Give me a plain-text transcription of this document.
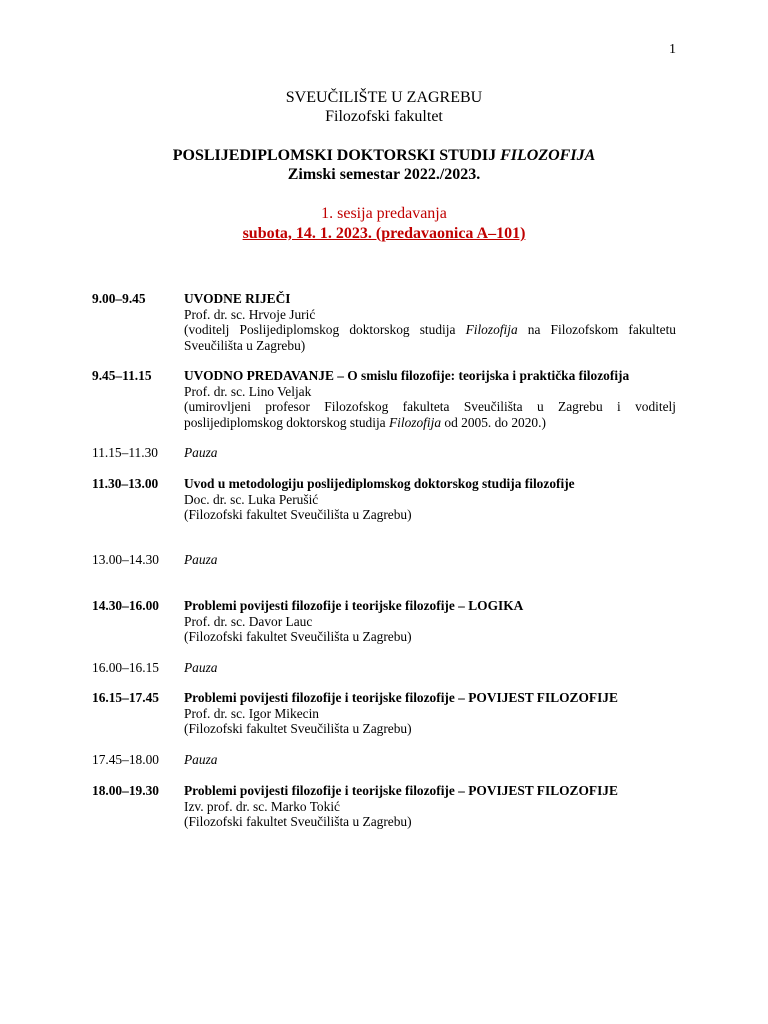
1
SVEUČILIŠTE U ZAGREBU
Filozofski fakultet
POSLIJEDIPLOMSKI DOKTORSKI STUDIJ FILOZOFIJA
Zimski semestar 2022./2023.
1. sesija predavanja
subota, 14. 1. 2023. (predavaonica A–101)
9.00–9.45	UVODNE RIJEČI
Prof. dr. sc. Hrvoje Jurić
(voditelj Poslijediplomskog doktorskog studija Filozofija na Filozofskom fakultetu Sveučilišta u Zagrebu)
9.45–11.15	UVODNO PREDAVANJE – O smislu filozofije: teorijska i praktička filozofija
Prof. dr. sc. Lino Veljak
(umirovljeni profesor Filozofskog fakulteta Sveučilišta u Zagrebu i voditelj poslijediplomskog doktorskog studija Filozofija od 2005. do 2020.)
11.15–11.30	Pauza
11.30–13.00	Uvod u metodologiju poslijediplomskog doktorskog studija filozofije
Doc. dr. sc. Luka Perušić
(Filozofski fakultet Sveučilišta u Zagrebu)
13.00–14.30	Pauza
14.30–16.00	Problemi povijesti filozofije i teorijske filozofije – LOGIKA
Prof. dr. sc. Davor Lauc
(Filozofski fakultet Sveučilišta u Zagrebu)
16.00–16.15	Pauza
16.15–17.45	Problemi povijesti filozofije i teorijske filozofije – POVIJEST FILOZOFIJE
Prof. dr. sc. Igor Mikecin
(Filozofski fakultet Sveučilišta u Zagrebu)
17.45–18.00	Pauza
18.00–19.30	Problemi povijesti filozofije i teorijske filozofije – POVIJEST FILOZOFIJE
Izv. prof. dr. sc. Marko Tokić
(Filozofski fakultet Sveučilišta u Zagrebu)
